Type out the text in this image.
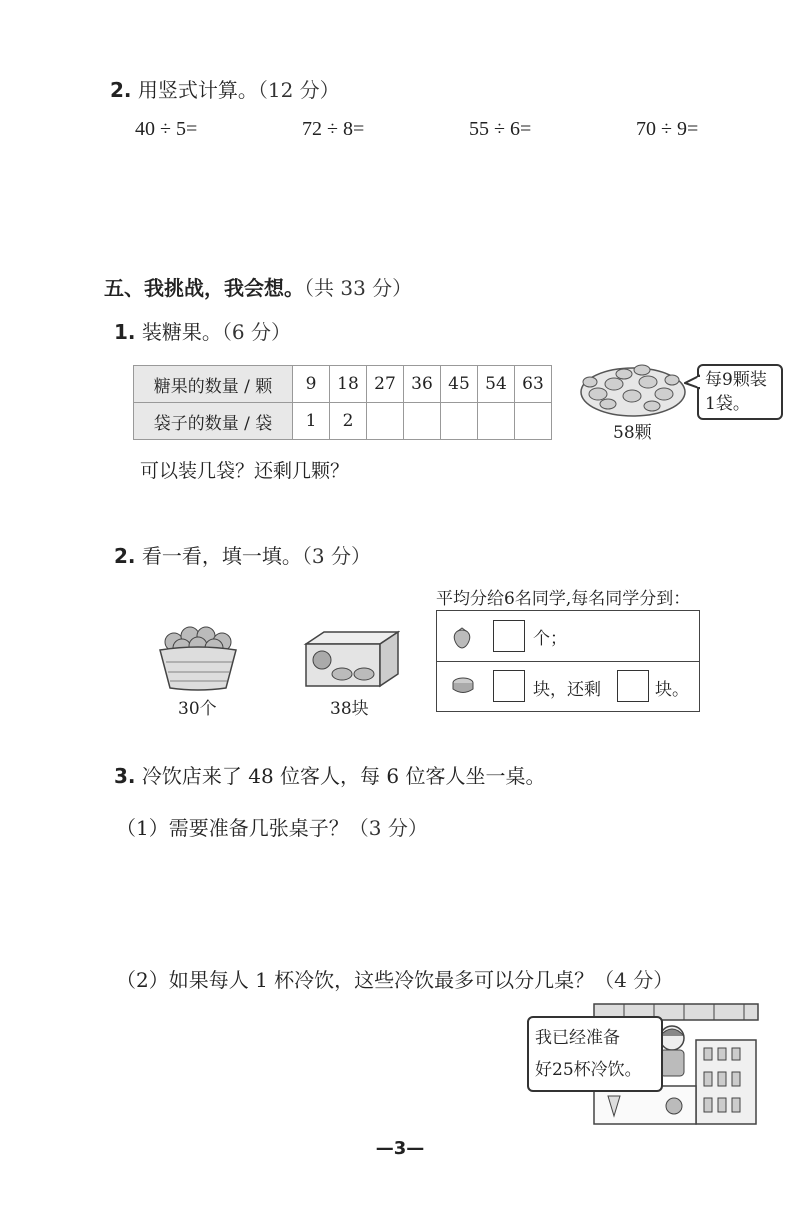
2. 用竖式计算。（12 分）
40 ÷ 5=	72 ÷ 8=	55 ÷ 6=	70 ÷ 9=
五、我挑战，我会想。（共 33 分）
1. 装糖果。（6 分）
糖果的数量 / 颗	9	18	27	36	45	54	63
袋子的数量 / 袋	1	2					
58颗
每9颗装
1袋。
可以装几袋？还剩几颗？
2. 看一看，填一填。（3 分）
30个	38块
平均分给6名同学,每名同学分到：
个；
块，还剩	块。
3. 冷饮店来了 48 位客人，每 6 位客人坐一桌。
（1）需要准备几张桌子？（3 分）
（2）如果每人 1 杯冷饮，这些冷饮最多可以分几桌？（4 分）
我已经准备
好25杯冷饮。
—3—
